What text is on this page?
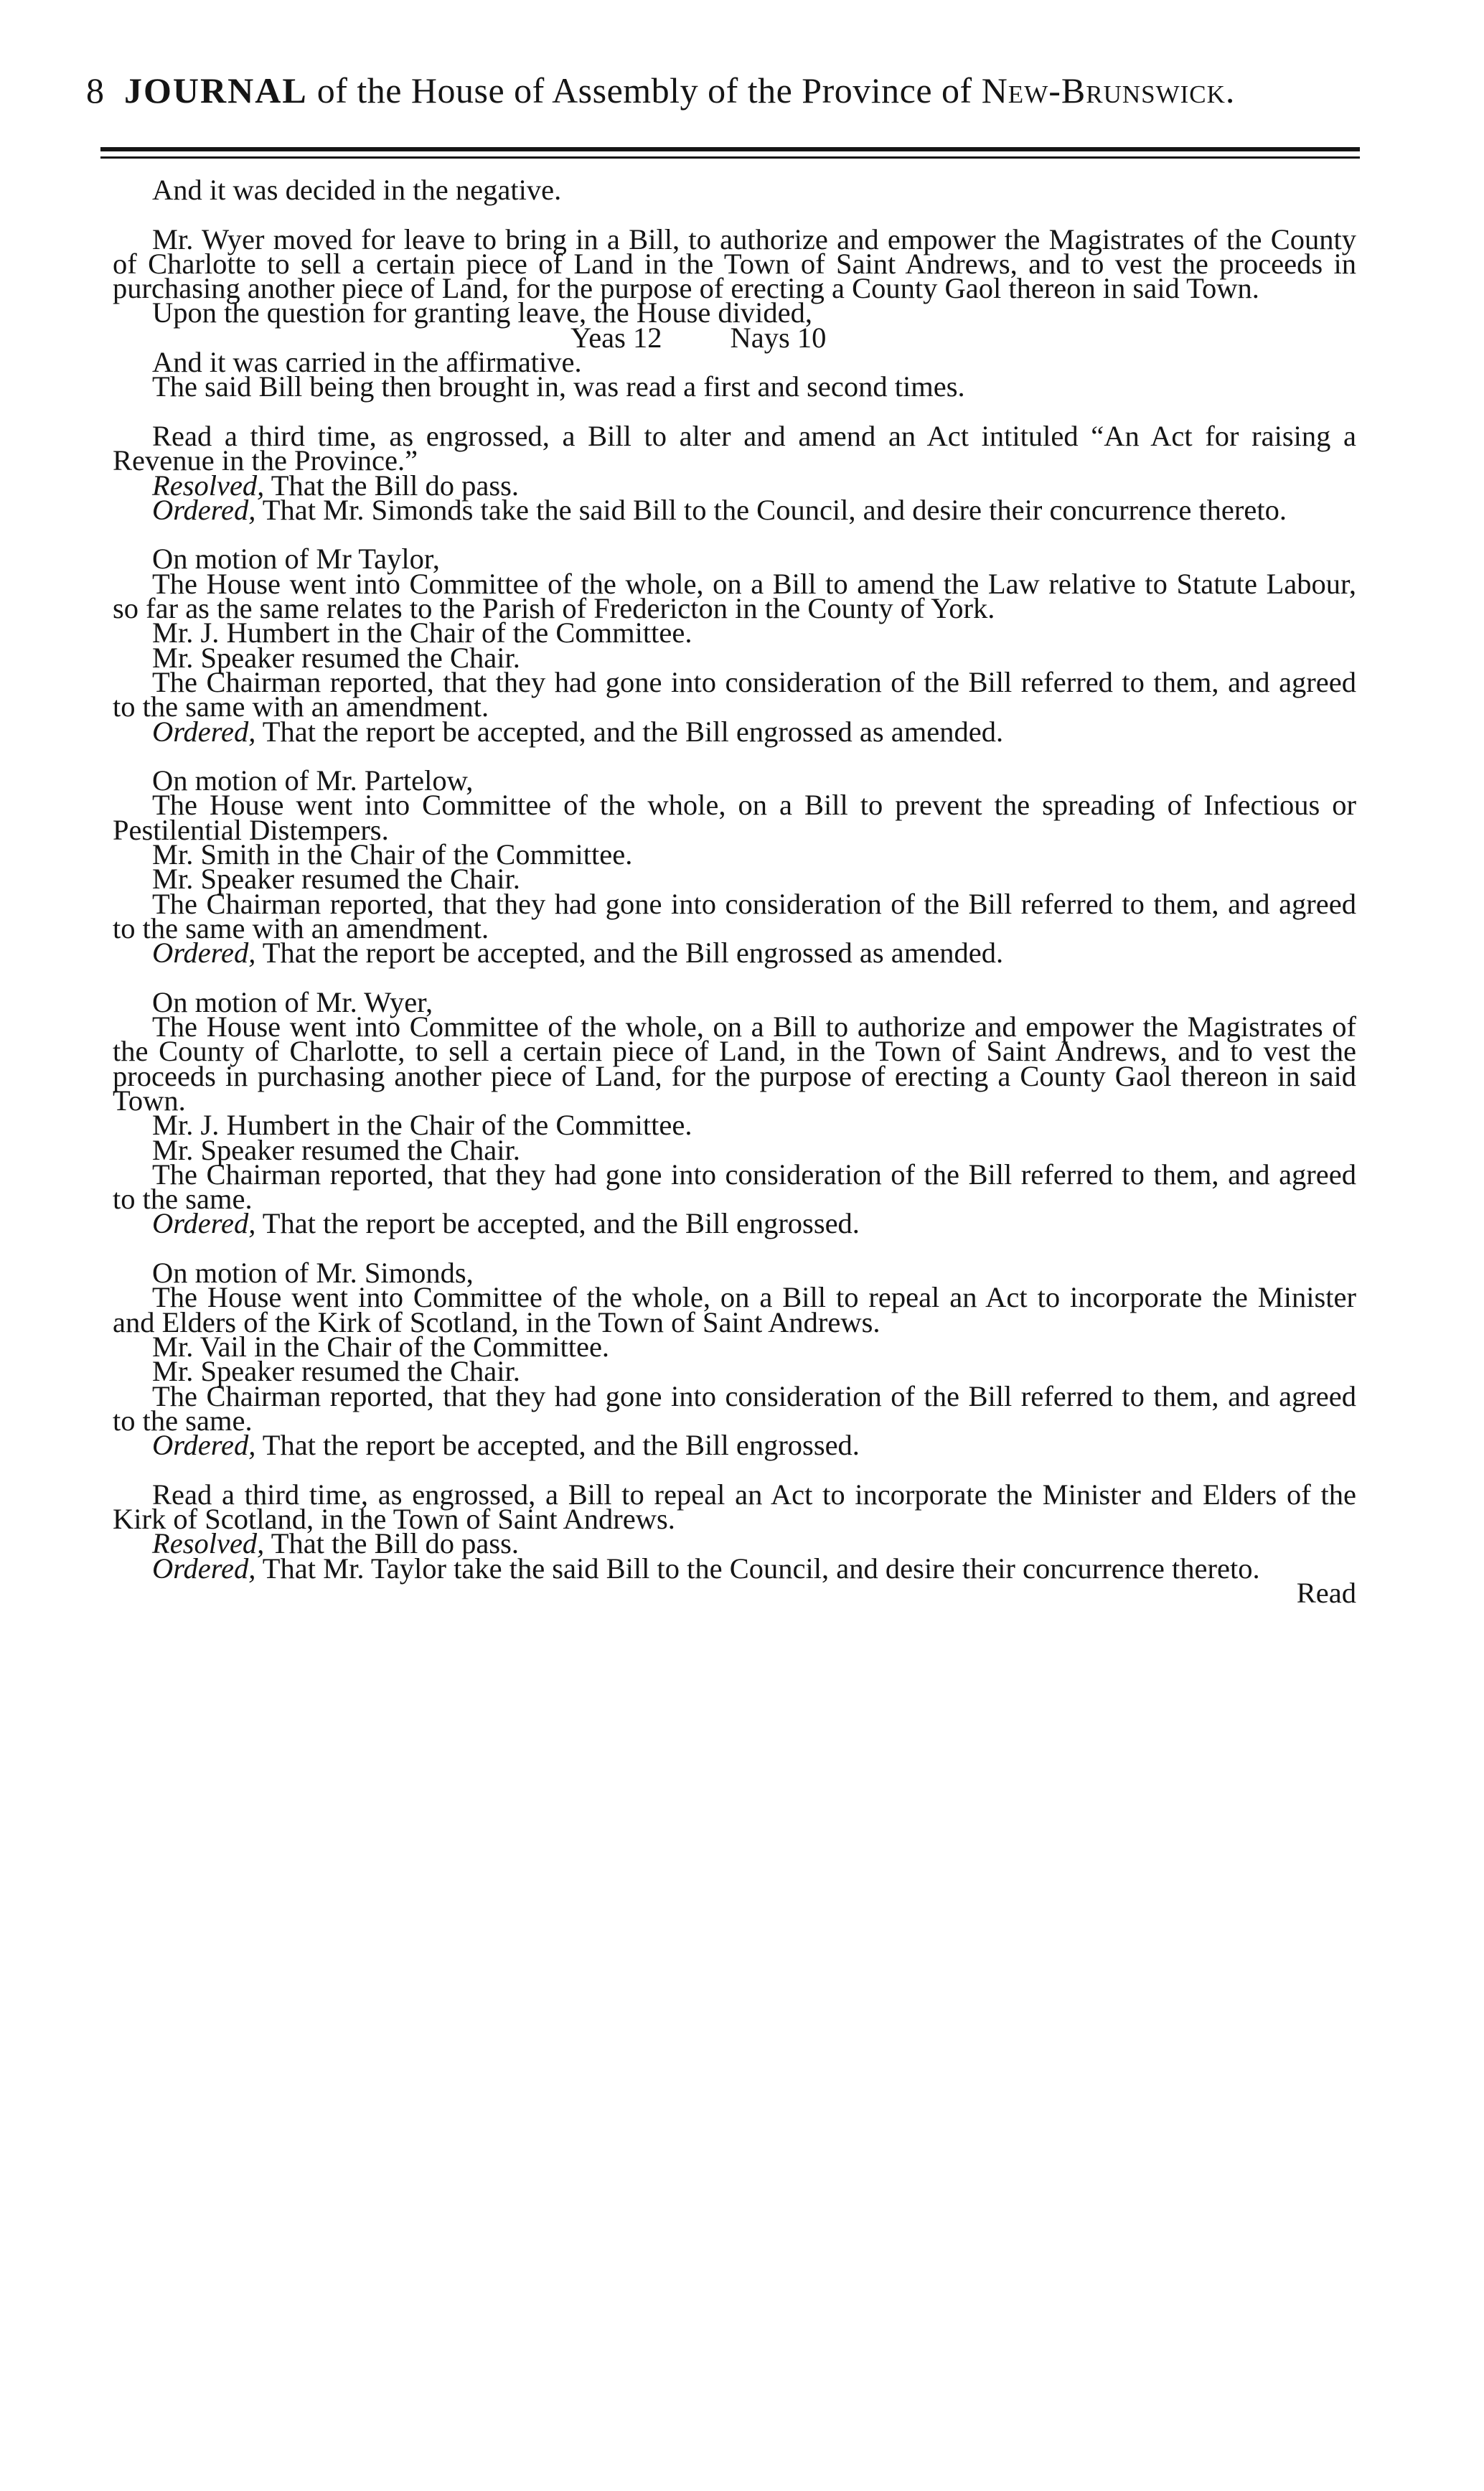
8 JOURNAL of the House of Assembly of the Province of New-Brunswick.

And it was decided in the negative.

Mr. Wyer moved for leave to bring in a Bill, to authorize and empower the Magistrates of the County of Charlotte to sell a certain piece of Land in the Town of Saint Andrews, and to vest the proceeds in purchasing another piece of Land, for the purpose of erecting a County Gaol thereon in said Town.

Upon the question for granting leave, the House divided,

Yeas 12 Nays 10

And it was carried in the affirmative.

The said Bill being then brought in, was read a first and second times.

Read a third time, as engrossed, a Bill to alter and amend an Act intituled “An Act for raising a Revenue in the Province.”

Resolved, That the Bill do pass.

Ordered, That Mr. Simonds take the said Bill to the Council, and desire their concurrence thereto.

On motion of Mr Taylor,

The House went into Committee of the whole, on a Bill to amend the Law relative to Statute Labour, so far as the same relates to the Parish of Fredericton in the County of York.

Mr. J. Humbert in the Chair of the Committee.

Mr. Speaker resumed the Chair.

The Chairman reported, that they had gone into consideration of the Bill referred to them, and agreed to the same with an amendment.

Ordered, That the report be accepted, and the Bill engrossed as amended.

On motion of Mr. Partelow,

The House went into Committee of the whole, on a Bill to prevent the spreading of Infectious or Pestilential Distempers.

Mr. Smith in the Chair of the Committee.

Mr. Speaker resumed the Chair.

The Chairman reported, that they had gone into consideration of the Bill referred to them, and agreed to the same with an amendment.

Ordered, That the report be accepted, and the Bill engrossed as amended.

On motion of Mr. Wyer,

The House went into Committee of the whole, on a Bill to authorize and empower the Magistrates of the County of Charlotte, to sell a certain piece of Land, in the Town of Saint Andrews, and to vest the proceeds in purchasing another piece of Land, for the purpose of erecting a County Gaol thereon in said Town.

Mr. J. Humbert in the Chair of the Committee.

Mr. Speaker resumed the Chair.

The Chairman reported, that they had gone into consideration of the Bill referred to them, and agreed to the same.

Ordered, That the report be accepted, and the Bill engrossed.

On motion of Mr. Simonds,

The House went into Committee of the whole, on a Bill to repeal an Act to incorporate the Minister and Elders of the Kirk of Scotland, in the Town of Saint Andrews.

Mr. Vail in the Chair of the Committee.

Mr. Speaker resumed the Chair.

The Chairman reported, that they had gone into consideration of the Bill referred to them, and agreed to the same.

Ordered, That the report be accepted, and the Bill engrossed.

Read a third time, as engrossed, a Bill to repeal an Act to incorporate the Minister and Elders of the Kirk of Scotland, in the Town of Saint Andrews.

Resolved, That the Bill do pass.

Ordered, That Mr. Taylor take the said Bill to the Council, and desire their concurrence thereto.
Read
